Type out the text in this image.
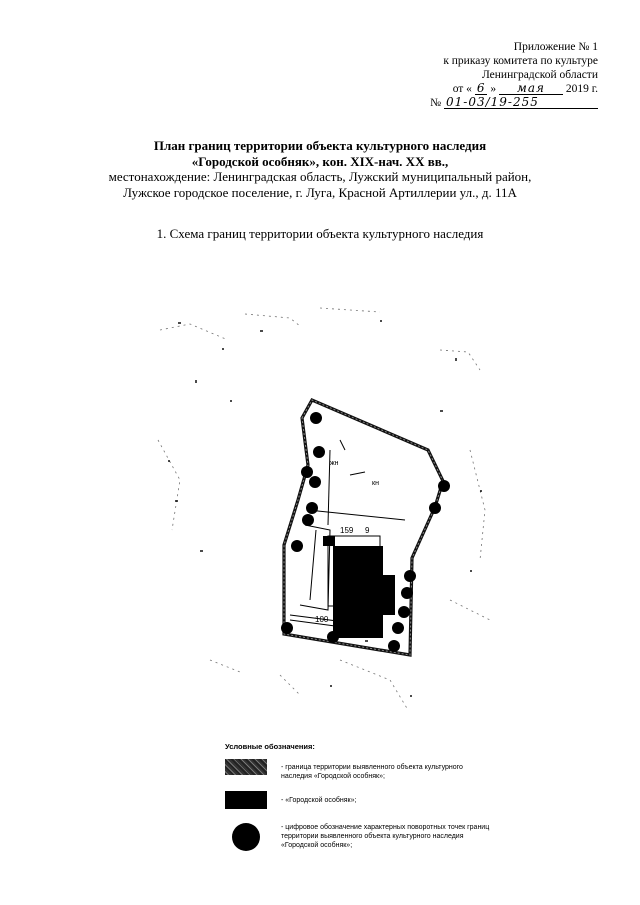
Приложение № 1
к приказу комитета по культуре
Ленинградской области
от « 6 » мая 2019 г.
№ 01-03/19-255
План границ территории объекта культурного наследия
«Городской особняк», кон. XIX-нач. XX вв.,
местонахождение: Ленинградская область, Лужский муниципальный район,
Лужское городское поселение, г. Луга, Красной Артиллерии ул., д. 11А
1. Схема границ территории объекта культурного наследия
159 9
100
кн
жн
Условные обозначения:
- граница территории выявленного объекта культурного наследия «Городской особняк»;
- «Городской особняк»;
- цифровое обозначение характерных поворотных точек границ территории выявленного объекта культурного наследия «Городской особняк»;
